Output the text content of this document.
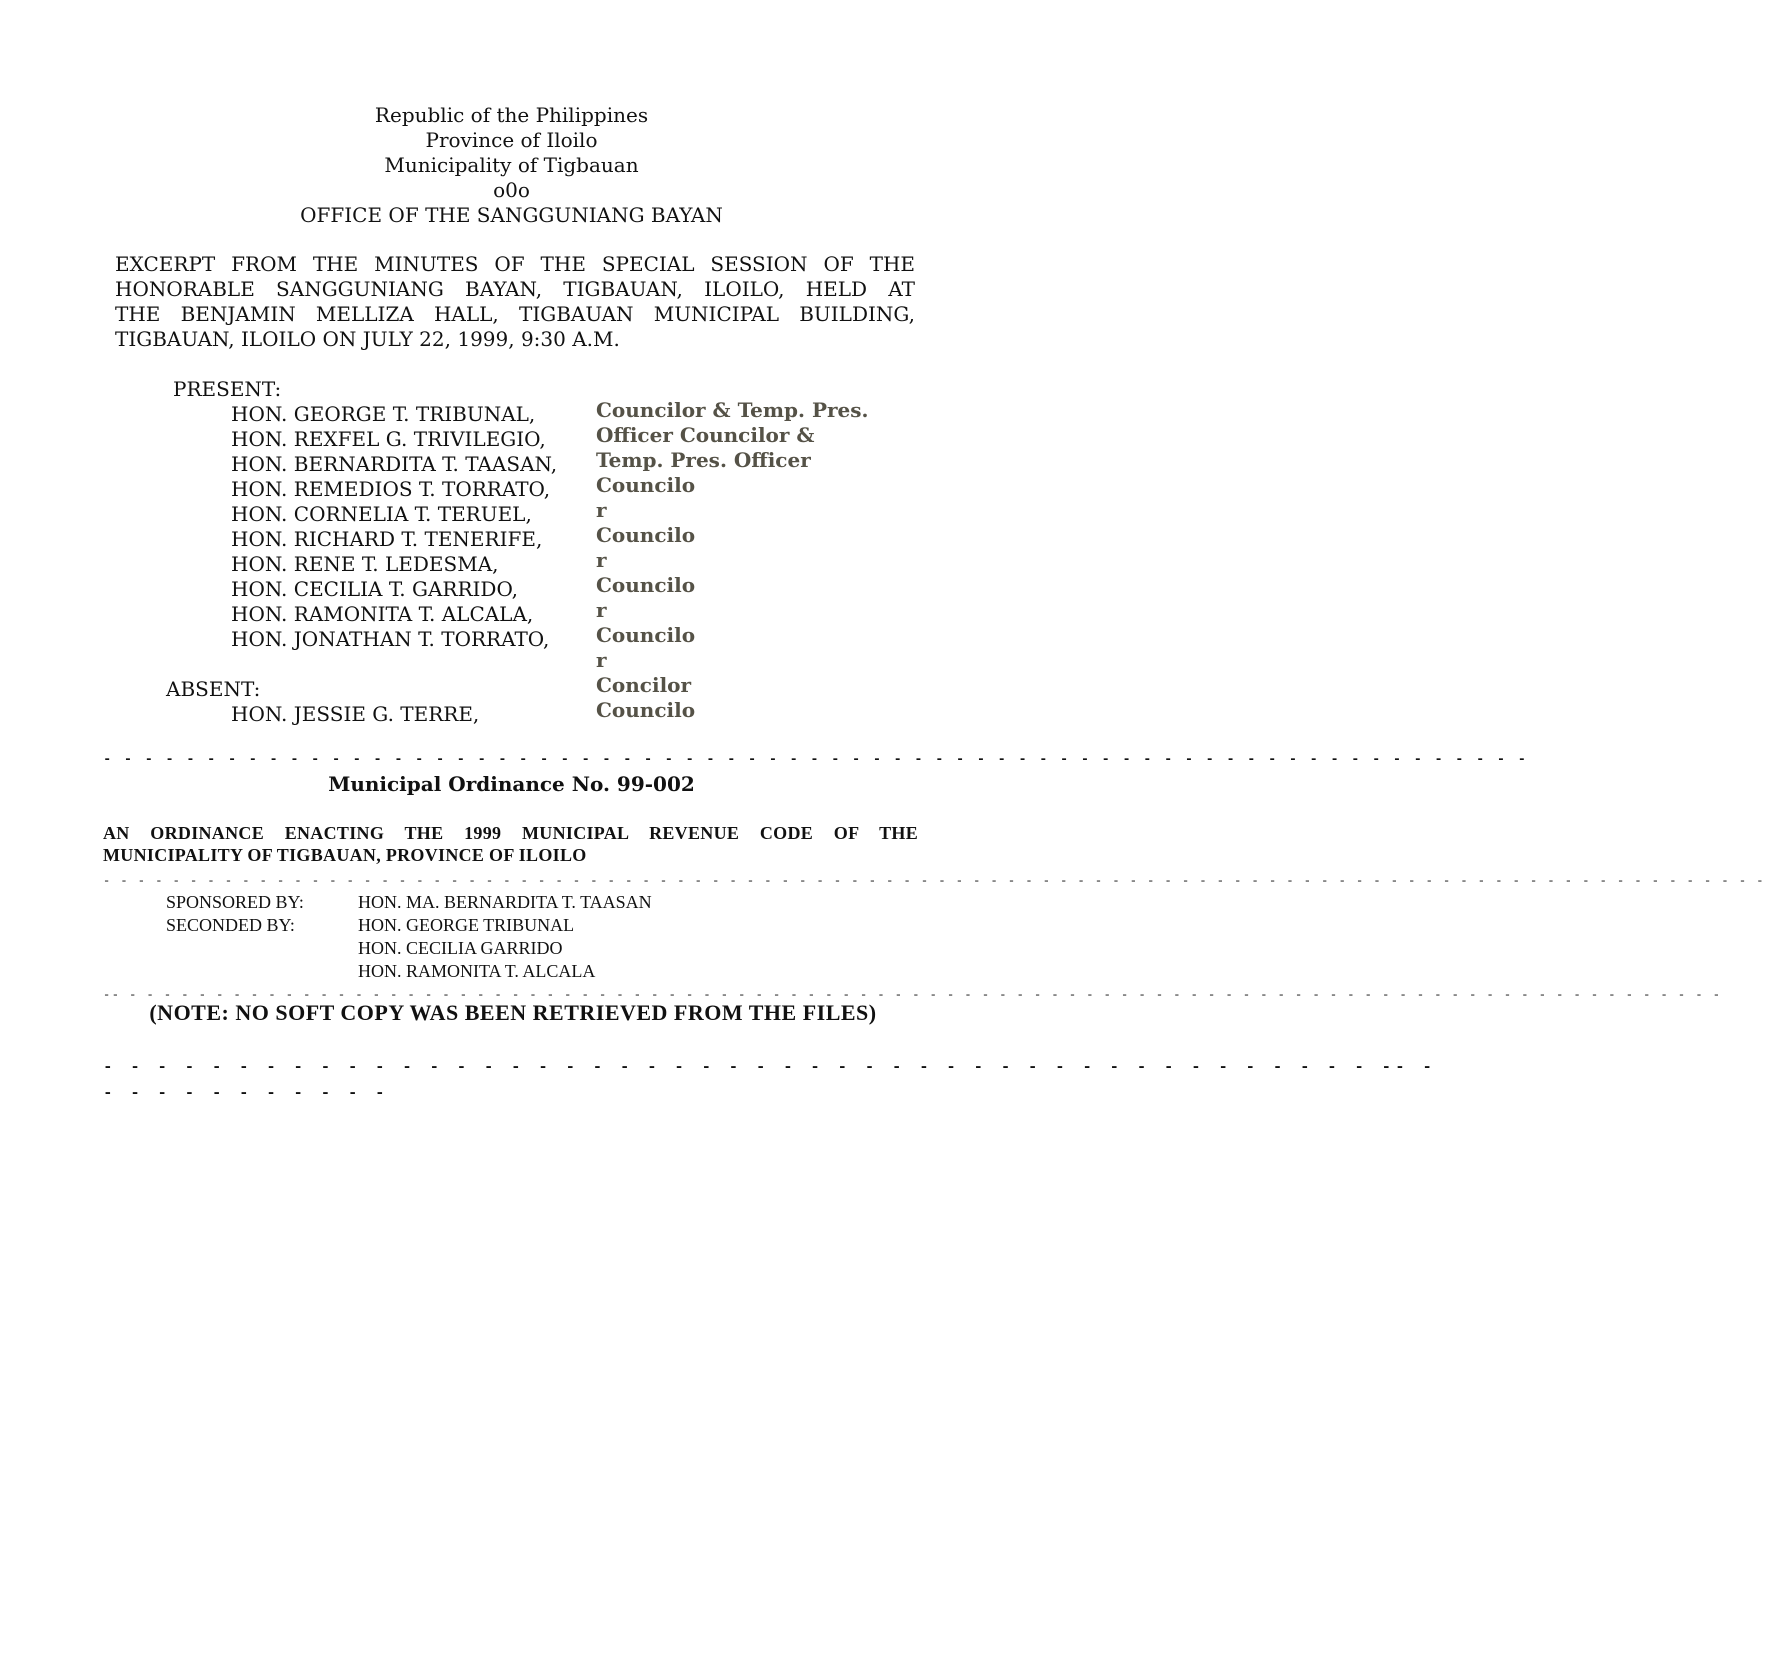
Republic of the Philippines
Province of Iloilo
Municipality of Tigbauan
o0o
OFFICE OF THE SANGGUNIANG BAYAN
EXCERPT FROM THE MINUTES OF THE SPECIAL SESSION OF THE
HONORABLE SANGGUNIANG BAYAN, TIGBAUAN, ILOILO, HELD AT
THE BENJAMIN MELLIZA HALL, TIGBAUAN MUNICIPAL BUILDING,
TIGBAUAN, ILOILO ON JULY 22, 1999, 9:30 A.M.
PRESENT:
HON. GEORGE T. TRIBUNAL,
HON. REXFEL G. TRIVILEGIO,
HON. BERNARDITA T. TAASAN,
HON. REMEDIOS T. TORRATO,
HON. CORNELIA T. TERUEL,
HON. RICHARD T. TENERIFE,
HON. RENE T. LEDESMA,
HON. CECILIA T. GARRIDO,
HON. RAMONITA T. ALCALA,
HON. JONATHAN T. TORRATO,
Councilor & Temp. Pres.
Officer Councilor &
Temp. Pres. Officer
Councilo
r
Councilo
r
Councilo
r
Councilo
r
Concilor
Councilo
ABSENT:
HON. JESSIE G. TERRE,
- - - - - - - - - - - - - - - - - - - - - - - - - - - - - - - - - - - - - - - - - - - - - - - - - - - - - - - - - - - - - - - - - - - - -
Municipal Ordinance No. 99-002
AN ORDINANCE ENACTING THE 1999 MUNICIPAL REVENUE CODE OF THE MUNICIPALITY OF TIGBAUAN, PROVINCE OF ILOILO
- - - - - - - - - - - - - - - - - - - - - - - - - - - - - - - - - - - - - - - - - - - - - - - - - - - - - - - - - - - - - - - - - - - - - - - - - - - - - - - - - - - - - - - - - - - - - - - -
SPONSORED BY:	HON. MA. BERNARDITA T. TAASAN
SECONDED BY:	HON. GEORGE TRIBUNAL
HON. CECILIA GARRIDO
HON. RAMONITA T. ALCALA
-- - - - - - - - - - - - - - - - - - - - - - - - - - - - - - - - - - - - - - - - - - - - - - - - - - - - - - - - - - - - - - - - - - - - - - - - - - - - - - - - - - - - - - - - - - - - -
(NOTE: NO SOFT COPY WAS BEEN RETRIEVED FROM THE FILES)
- - - - - - - - - - - - - - - - - - - - - - - - - - - - - - - - - - - - - - - - - - - - - - - -- -
- - - - - - - - - - -
